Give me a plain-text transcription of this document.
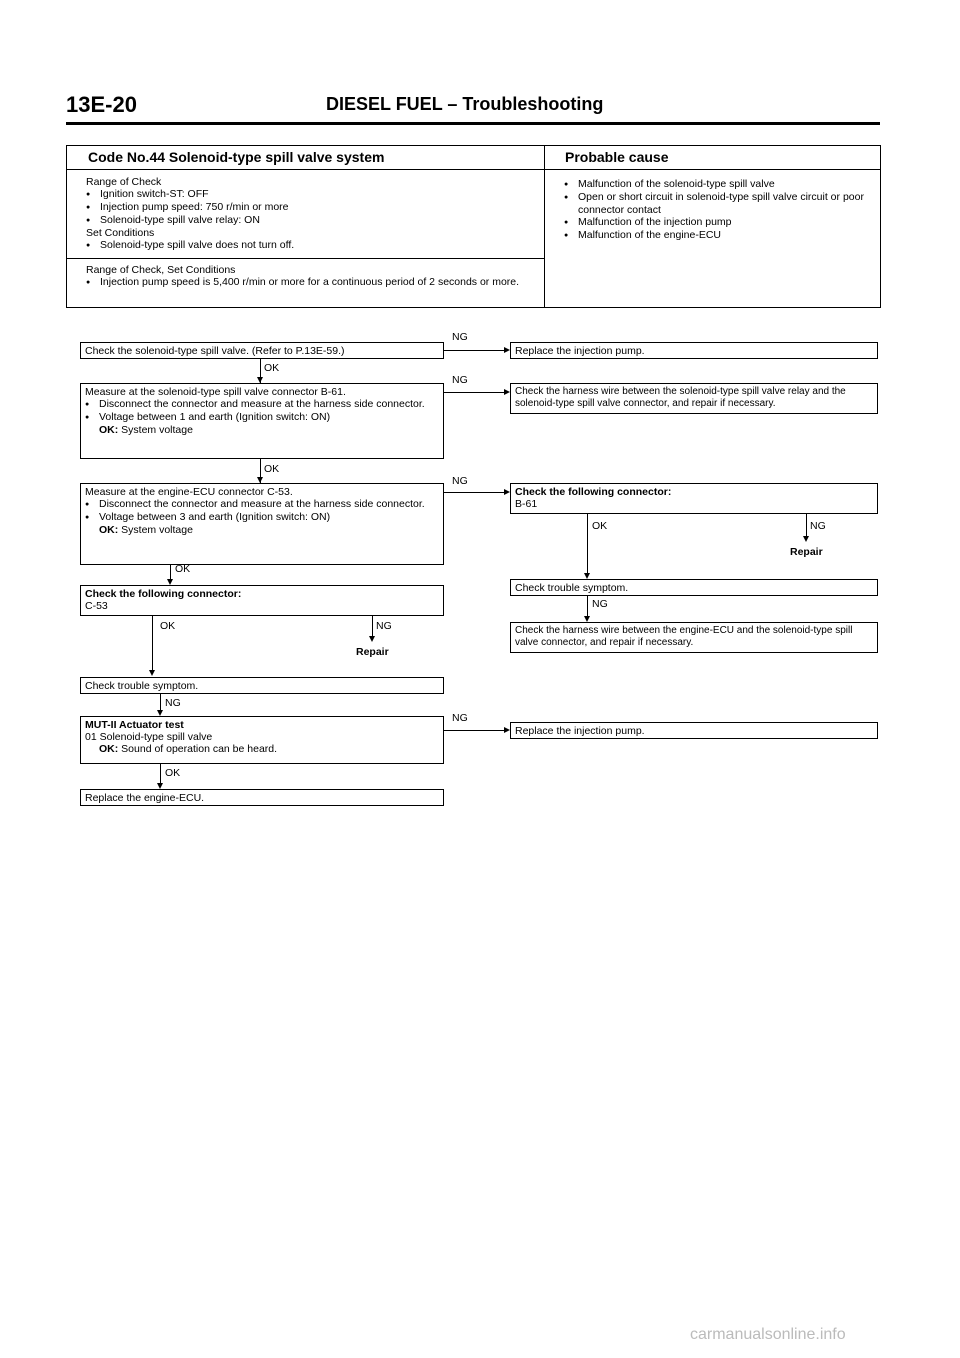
13E-20	DIESEL FUEL – Troubleshooting
Code No.44 Solenoid-type spill valve system	Probable cause
Range of Check
● Ignition switch-ST: OFF
● Injection pump speed: 750 r/min or more
● Solenoid-type spill valve relay: ON
Set Conditions
● Solenoid-type spill valve does not turn off.
Range of Check, Set Conditions
● Injection pump speed is 5,400 r/min or more for a continuous period of 2 seconds or more.
● Malfunction of the solenoid-type spill valve
● Open or short circuit in solenoid-type spill valve circuit or poor connector contact
● Malfunction of the injection pump
● Malfunction of the engine-ECU
Check the solenoid-type spill valve. (Refer to P.13E-59.)
NG
Replace the injection pump.
OK
Measure at the solenoid-type spill valve connector B-61.
● Disconnect the connector and measure at the harness side connector.
● Voltage between 1 and earth (Ignition switch: ON)
OK: System voltage
NG
Check the harness wire between the solenoid-type spill valve relay and the solenoid-type spill valve connector, and repair if necessary.
OK
Measure at the engine-ECU connector C-53.
● Disconnect the connector and measure at the harness side connector.
● Voltage between 3 and earth (Ignition switch: ON)
OK: System voltage
NG
Check the following connector:
B-61
OK	NG
Repair
Check trouble symptom.
NG
Check the harness wire between the engine-ECU and the solenoid-type spill valve connector, and repair if necessary.
OK
Check the following connector:
C-53
OK	NG
Repair
Check trouble symptom.
NG
MUT-II Actuator test
01 Solenoid-type spill valve
OK: Sound of operation can be heard.
NG
Replace the injection pump.
OK
Replace the engine-ECU.
carmanualsonline.info
